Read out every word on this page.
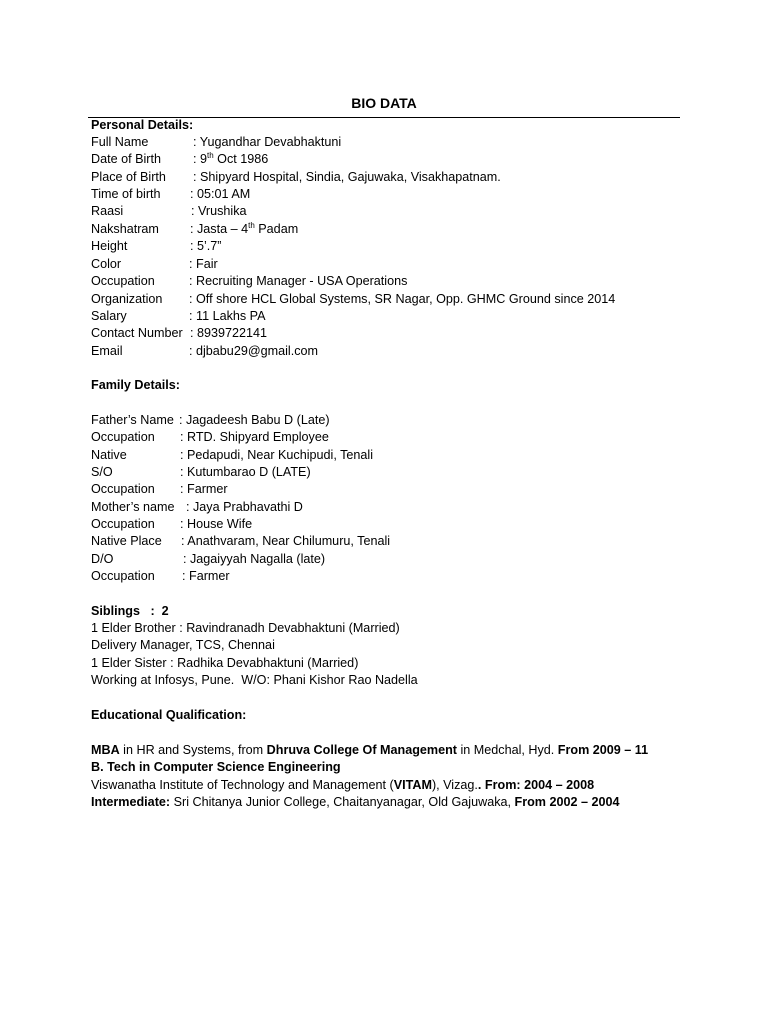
BIO DATA
Personal Details:
Full Name	: Yugandhar Devabhaktuni
Date of Birth	: 9th Oct 1986
Place of Birth : Shipyard Hospital, Sindia, Gajuwaka, Visakhapatnam.
Time of birth : 05:01 AM
Raasi	: Vrushika
Nakshatram : Jasta – 4th Padam
Height	: 5’.7”
Color	: Fair
Occupation	: Recruiting Manager - USA Operations
Organization : Off shore HCL Global Systems, SR Nagar, Opp. GHMC Ground since 2014
Salary	: 11 Lakhs PA
Contact Number : 8939722141
Email	: djbabu29@gmail.com
Family Details:
Father’s Name : Jagadeesh Babu D (Late)
Occupation : RTD. Shipyard Employee
Native	: Pedapudi, Near Kuchipudi, Tenali
S/O	: Kutumbarao D (LATE)
Occupation : Farmer
Mother’s name : Jaya Prabhavathi D
Occupation : House Wife
Native Place : Anathvaram, Near Chilumuru, Tenali
D/O	: Jagaiyyah Nagalla (late)
Occupation : Farmer
Siblings   :  2
1 Elder Brother : Ravindranadh Devabhaktuni (Married)
Delivery Manager, TCS, Chennai
1 Elder Sister : Radhika Devabhaktuni (Married)
Working at Infosys, Pune.  W/O: Phani Kishor Rao Nadella
Educational Qualification:
MBA in HR and Systems, from Dhruva College Of Management in Medchal, Hyd. From 2009 – 11
B. Tech in Computer Science Engineering
Viswanatha Institute of Technology and Management (VITAM), Vizag.. From: 2004 – 2008
Intermediate: Sri Chitanya Junior College, Chaitanyanagar, Old Gajuwaka, From 2002 – 2004
